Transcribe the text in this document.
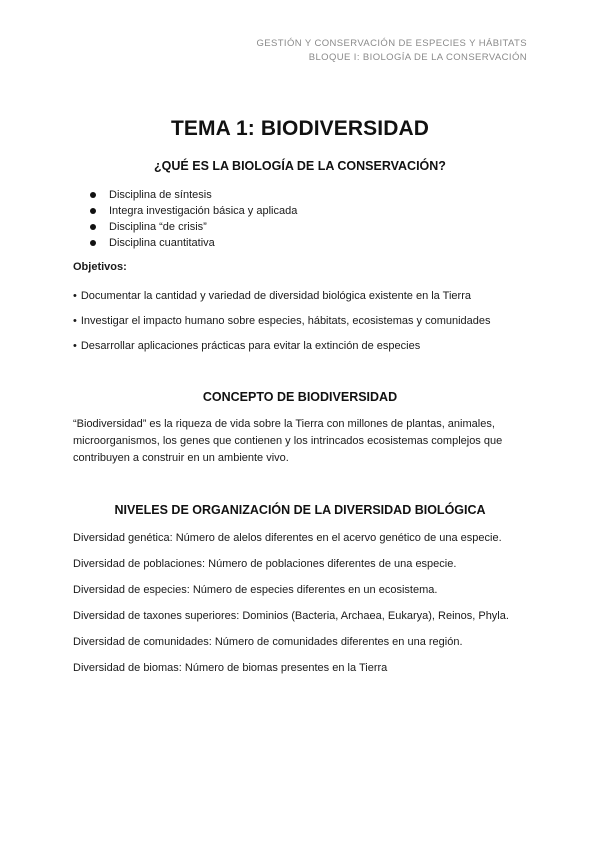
GESTIÓN Y CONSERVACIÓN DE ESPECIES Y HÁBITATS
BLOQUE I: BIOLOGÍA DE LA CONSERVACIÓN
TEMA 1: BIODIVERSIDAD
¿QUÉ ES LA BIOLOGÍA DE LA CONSERVACIÓN?
Disciplina de síntesis
Integra investigación básica y aplicada
Disciplina “de crisis”
Disciplina cuantitativa
Objetivos:
• Documentar la cantidad y variedad de diversidad biológica existente en la Tierra
• Investigar el impacto humano sobre especies, hábitats, ecosistemas y comunidades
• Desarrollar aplicaciones prácticas para evitar la extinción de especies
CONCEPTO DE BIODIVERSIDAD
“Biodiversidad” es la riqueza de vida sobre la Tierra con millones de plantas, animales,
microorganismos, los genes que contienen y los intrincados ecosistemas complejos que
contribuyen a construir en un ambiente vivo.
NIVELES DE ORGANIZACIÓN DE LA DIVERSIDAD BIOLÓGICA
Diversidad genética: Número de alelos diferentes en el acervo genético de una especie.
Diversidad de poblaciones: Número de poblaciones diferentes de una especie.
Diversidad de especies: Número de especies diferentes en un ecosistema.
Diversidad de taxones superiores: Dominios (Bacteria, Archaea, Eukarya), Reinos, Phyla.
Diversidad de comunidades: Número de comunidades diferentes en una región.
Diversidad de biomas: Número de biomas presentes en la Tierra
